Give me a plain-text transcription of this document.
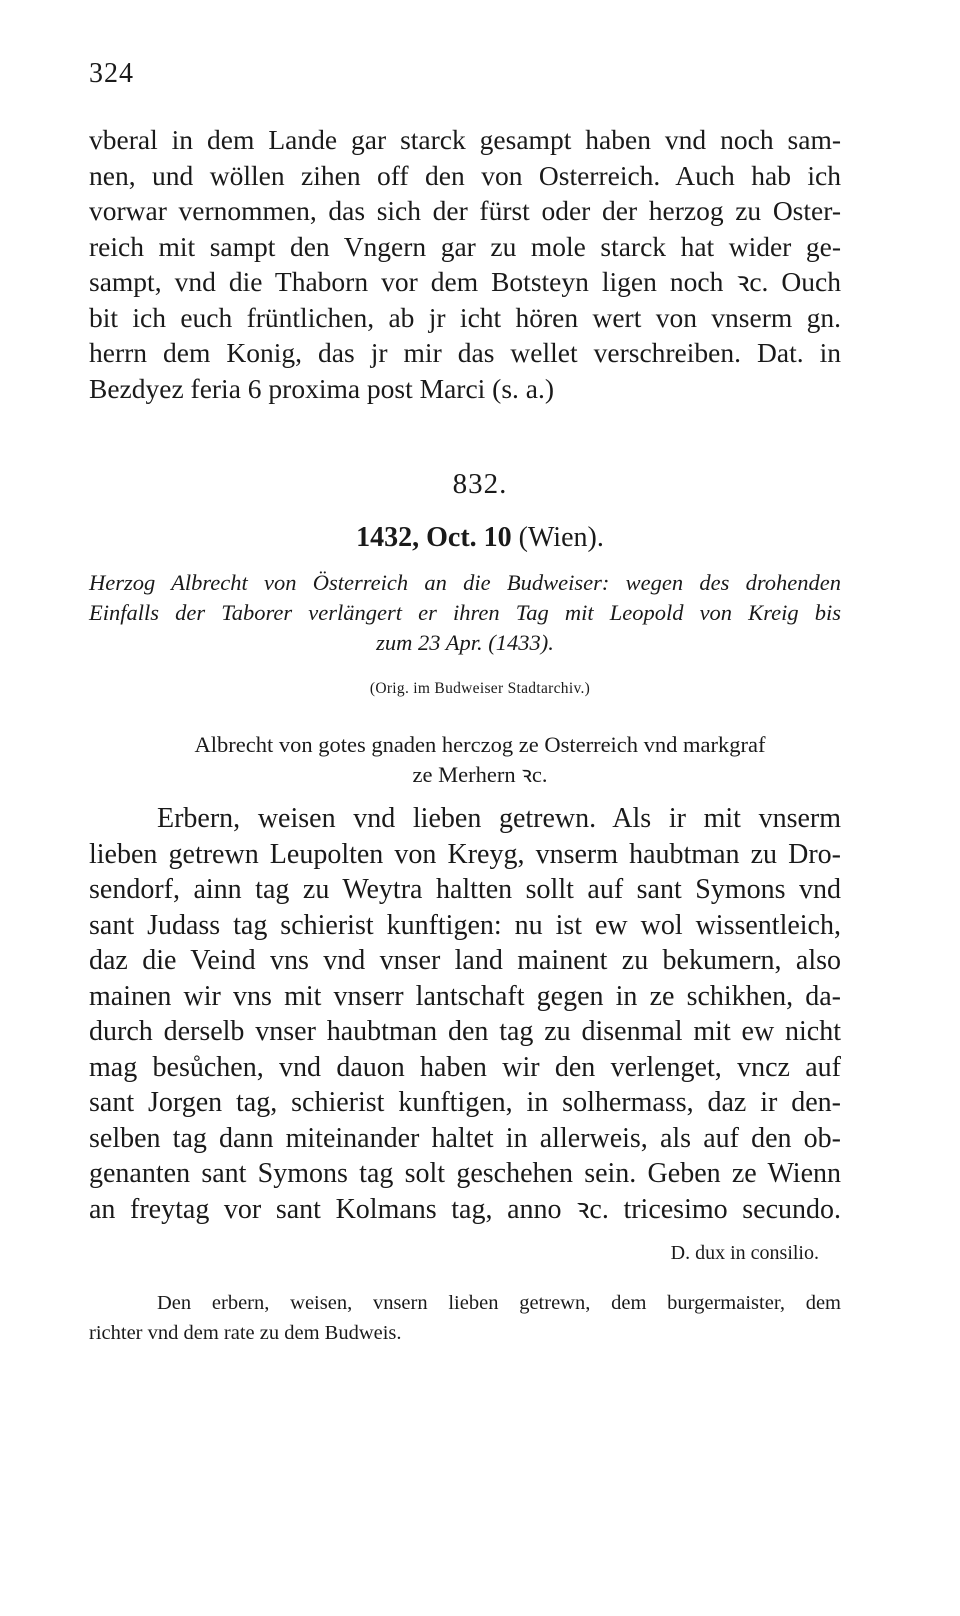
324
vberal in dem Lande gar starck gesampt haben vnd noch sam-
nen, und wöllen zihen off den von Osterreich. Auch hab ich
vorwar vernommen, das sich der fürst oder der herzog zu Oster-
reich mit sampt den Vngern gar zu mole starck hat wider ge-
sampt, vnd die Thaborn vor dem Botsteyn ligen noch ꝛc. Ouch
bit ich euch früntlichen, ab jr icht hören wert von vnserm gn.
herrn dem Konig, das jr mir das wellet verschreiben. Dat. in
Bezdyez feria 6 proxima post Marci (s. a.)
832.
1432, Oct. 10 (Wien).
Herzog Albrecht von Österreich an die Budweiser: wegen des drohenden
Einfalls der Taborer verlängert er ihren Tag mit Leopold von Kreig bis
zum 23 Apr. (1433).
(Orig. im Budweiser Stadtarchiv.)
Albrecht von gotes gnaden herczog ze Osterreich vnd markgraf
ze Merhern ꝛc.
Erbern, weisen vnd lieben getrewn. Als ir mit vnserm
lieben getrewn Leupolten von Kreyg, vnserm haubtman zu Dro-
sendorf, ainn tag zu Weytra haltten sollt auf sant Symons vnd
sant Judass tag schierist kunftigen: nu ist ew wol wissentleich,
daz die Veind vns vnd vnser land mainent zu bekumern, also
mainen wir vns mit vnserr lantschaft gegen in ze schikhen, da-
durch derselb vnser haubtman den tag zu disenmal mit ew nicht
mag besůchen, vnd dauon haben wir den verlenget, vncz auf
sant Jorgen tag, schierist kunftigen, in solhermass, daz ir den-
selben tag dann miteinander haltet in allerweis, als auf den ob-
genanten sant Symons tag solt geschehen sein. Geben ze Wienn
an freytag vor sant Kolmans tag, anno ꝛc. tricesimo secundo.
D. dux in consilio.
Den erbern, weisen, vnsern lieben getrewn, dem burgermaister, dem
richter vnd dem rate zu dem Budweis.
